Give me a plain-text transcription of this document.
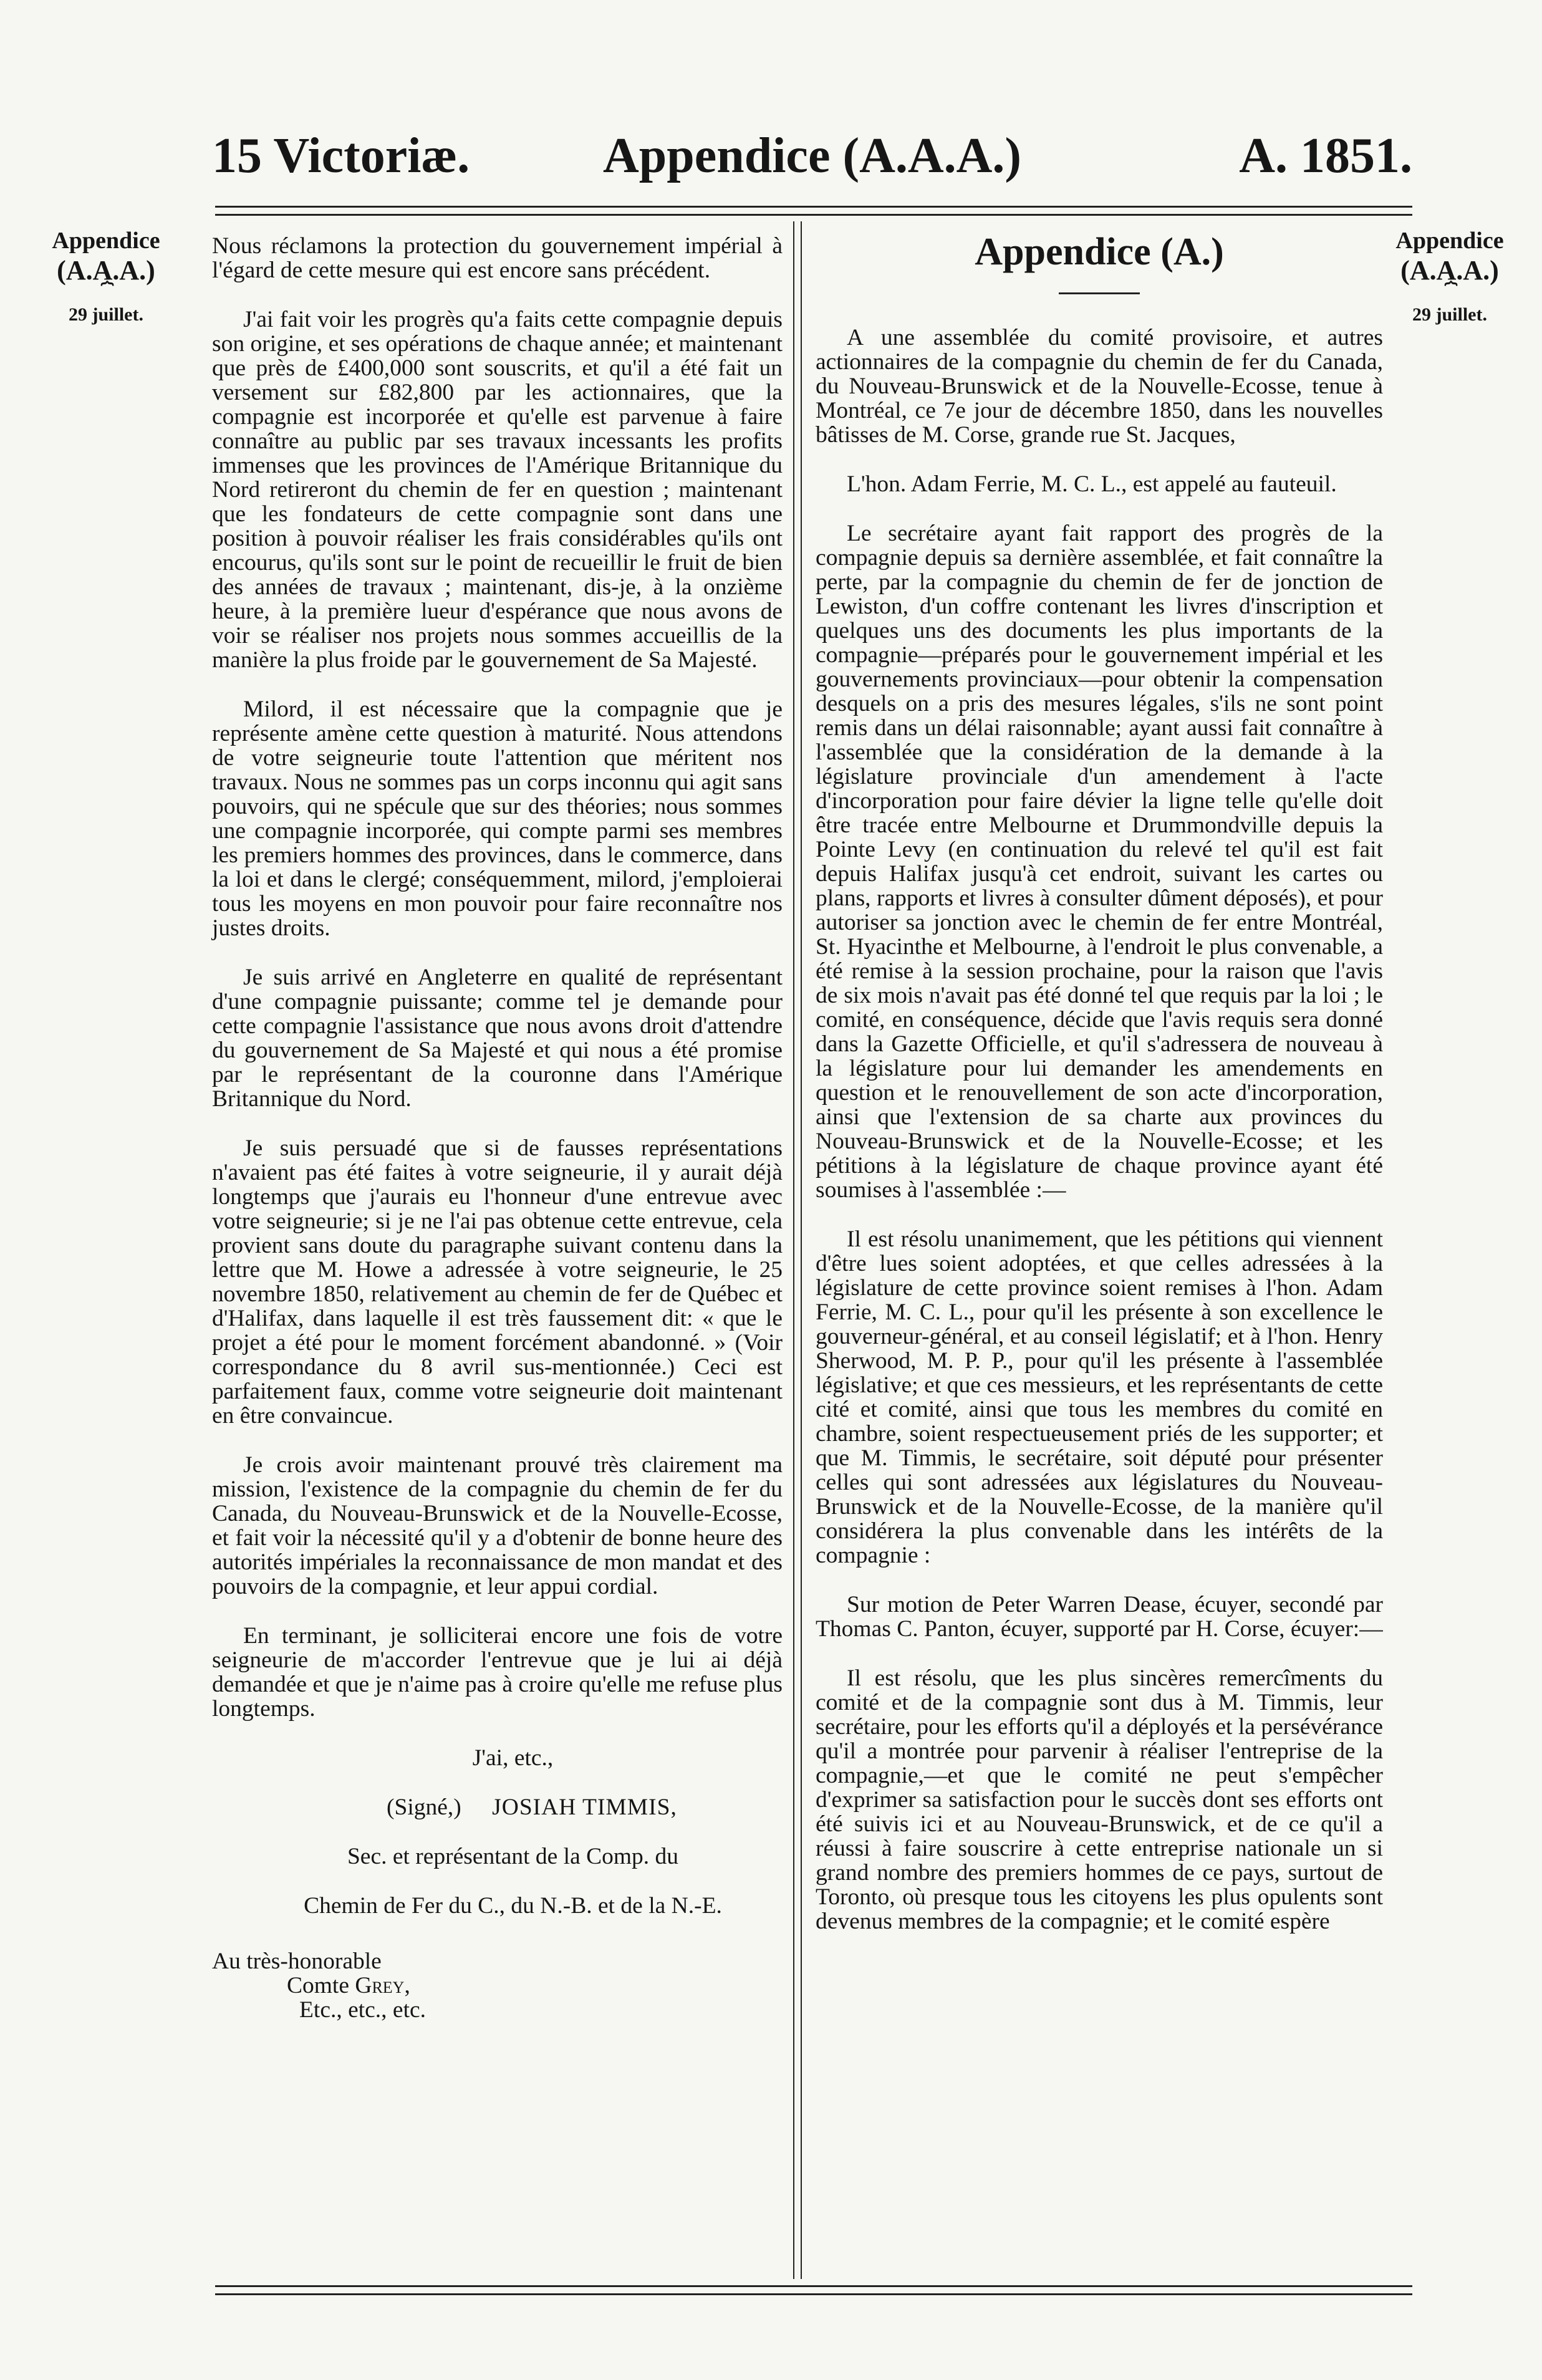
15 Victoriæ.	Appendice (A.A.A.)	A. 1851.
Appendice
(A.A.A.)
⏞
29 juillet.
Appendice
(A.A.A.)
⏞
29 juillet.

Nous réclamons la protection du gouvernement impérial à l'égard de cette mesure qui est encore sans précédent.

J'ai fait voir les progrès qu'a faits cette compagnie depuis son origine, et ses opérations de chaque année; et maintenant que près de £400,000 sont souscrits, et qu'il a été fait un versement sur £82,800 par les actionnaires, que la compagnie est incorporée et qu'elle est parvenue à faire connaître au public par ses travaux incessants les profits immenses que les provinces de l'Amérique Britannique du Nord retireront du chemin de fer en question ; maintenant que les fondateurs de cette compagnie sont dans une position à pouvoir réaliser les frais considérables qu'ils ont encourus, qu'ils sont sur le point de recueillir le fruit de bien des années de travaux ; maintenant, dis-je, à la onzième heure, à la première lueur d'espérance que nous avons de voir se réaliser nos projets nous sommes accueillis de la manière la plus froide par le gouvernement de Sa Majesté.

Milord, il est nécessaire que la compagnie que je représente amène cette question à maturité. Nous attendons de votre seigneurie toute l'attention que méritent nos travaux. Nous ne sommes pas un corps inconnu qui agit sans pouvoirs, qui ne spécule que sur des théories; nous sommes une compagnie incorporée, qui compte parmi ses membres les premiers hommes des provinces, dans le commerce, dans la loi et dans le clergé; conséquemment, milord, j'emploierai tous les moyens en mon pouvoir pour faire reconnaître nos justes droits.

Je suis arrivé en Angleterre en qualité de représentant d'une compagnie puissante; comme tel je demande pour cette compagnie l'assistance que nous avons droit d'attendre du gouvernement de Sa Majesté et qui nous a été promise par le représentant de la couronne dans l'Amérique Britannique du Nord.

Je suis persuadé que si de fausses représentations n'avaient pas été faites à votre seigneurie, il y aurait déjà longtemps que j'aurais eu l'honneur d'une entrevue avec votre seigneurie; si je ne l'ai pas obtenue cette entrevue, cela provient sans doute du paragraphe suivant contenu dans la lettre que M. Howe a adressée à votre seigneurie, le 25 novembre 1850, relativement au chemin de fer de Québec et d'Halifax, dans laquelle il est très faussement dit: « que le projet a été pour le moment forcément abandonné. » (Voir correspondance du 8 avril sus-mentionnée.) Ceci est parfaitement faux, comme votre seigneurie doit maintenant en être convaincue.

Je crois avoir maintenant prouvé très clairement ma mission, l'existence de la compagnie du chemin de fer du Canada, du Nouveau-Brunswick et de la Nouvelle-Ecosse, et fait voir la nécessité qu'il y a d'obtenir de bonne heure des autorités impériales la reconnaissance de mon mandat et des pouvoirs de la compagnie, et leur appui cordial.

En terminant, je solliciterai encore une fois de votre seigneurie de m'accorder l'entrevue que je lui ai déjà demandée et que je n'aime pas à croire qu'elle me refuse plus longtemps.

J'ai, etc.,

(Signé,) JOSIAH TIMMIS,

Sec. et représentant de la Comp. du

Chemin de Fer du C., du N.-B. et de la N.-E.

Au très-honorable
Comte Grey,
Etc., etc., etc.
Appendice (A.)

A une assemblée du comité provisoire, et autres actionnaires de la compagnie du chemin de fer du Canada, du Nouveau-Brunswick et de la Nouvelle-Ecosse, tenue à Montréal, ce 7e jour de décembre 1850, dans les nouvelles bâtisses de M. Corse, grande rue St. Jacques,

L'hon. Adam Ferrie, M. C. L., est appelé au fauteuil.

Le secrétaire ayant fait rapport des progrès de la compagnie depuis sa dernière assemblée, et fait connaître la perte, par la compagnie du chemin de fer de jonction de Lewiston, d'un coffre contenant les livres d'inscription et quelques uns des documents les plus importants de la compagnie—préparés pour le gouvernement impérial et les gouvernements provinciaux—pour obtenir la compensation desquels on a pris des mesures légales, s'ils ne sont point remis dans un délai raisonnable; ayant aussi fait connaître à l'assemblée que la considération de la demande à la législature provinciale d'un amendement à l'acte d'incorporation pour faire dévier la ligne telle qu'elle doit être tracée entre Melbourne et Drummondville depuis la Pointe Levy (en continuation du relevé tel qu'il est fait depuis Halifax jusqu'à cet endroit, suivant les cartes ou plans, rapports et livres à consulter dûment déposés), et pour autoriser sa jonction avec le chemin de fer entre Montréal, St. Hyacinthe et Melbourne, à l'endroit le plus convenable, a été remise à la session prochaine, pour la raison que l'avis de six mois n'avait pas été donné tel que requis par la loi ; le comité, en conséquence, décide que l'avis requis sera donné dans la Gazette Officielle, et qu'il s'adressera de nouveau à la législature pour lui demander les amendements en question et le renouvellement de son acte d'incorporation, ainsi que l'extension de sa charte aux provinces du Nouveau-Brunswick et de la Nouvelle-Ecosse; et les pétitions à la législature de chaque province ayant été soumises à l'assemblée :—

Il est résolu unanimement, que les pétitions qui viennent d'être lues soient adoptées, et que celles adressées à la législature de cette province soient remises à l'hon. Adam Ferrie, M. C. L., pour qu'il les présente à son excellence le gouverneur-général, et au conseil législatif; et à l'hon. Henry Sherwood, M. P. P., pour qu'il les présente à l'assemblée législative; et que ces messieurs, et les représentants de cette cité et comité, ainsi que tous les membres du comité en chambre, soient respectueusement priés de les supporter; et que M. Timmis, le secrétaire, soit député pour présenter celles qui sont adressées aux législatures du Nouveau-Brunswick et de la Nouvelle-Ecosse, de la manière qu'il considérera la plus convenable dans les intérêts de la compagnie :

Sur motion de Peter Warren Dease, écuyer, secondé par Thomas C. Panton, écuyer, supporté par H. Corse, écuyer:—

Il est résolu, que les plus sincères remercîments du comité et de la compagnie sont dus à M. Timmis, leur secrétaire, pour les efforts qu'il a déployés et la persévérance qu'il a montrée pour parvenir à réaliser l'entreprise de la compagnie,—et que le comité ne peut s'empêcher d'exprimer sa satisfaction pour le succès dont ses efforts ont été suivis ici et au Nouveau-Brunswick, et de ce qu'il a réussi à faire souscrire à cette entreprise nationale un si grand nombre des premiers hommes de ce pays, surtout de Toronto, où presque tous les citoyens les plus opulents sont devenus membres de la compagnie; et le comité espère
